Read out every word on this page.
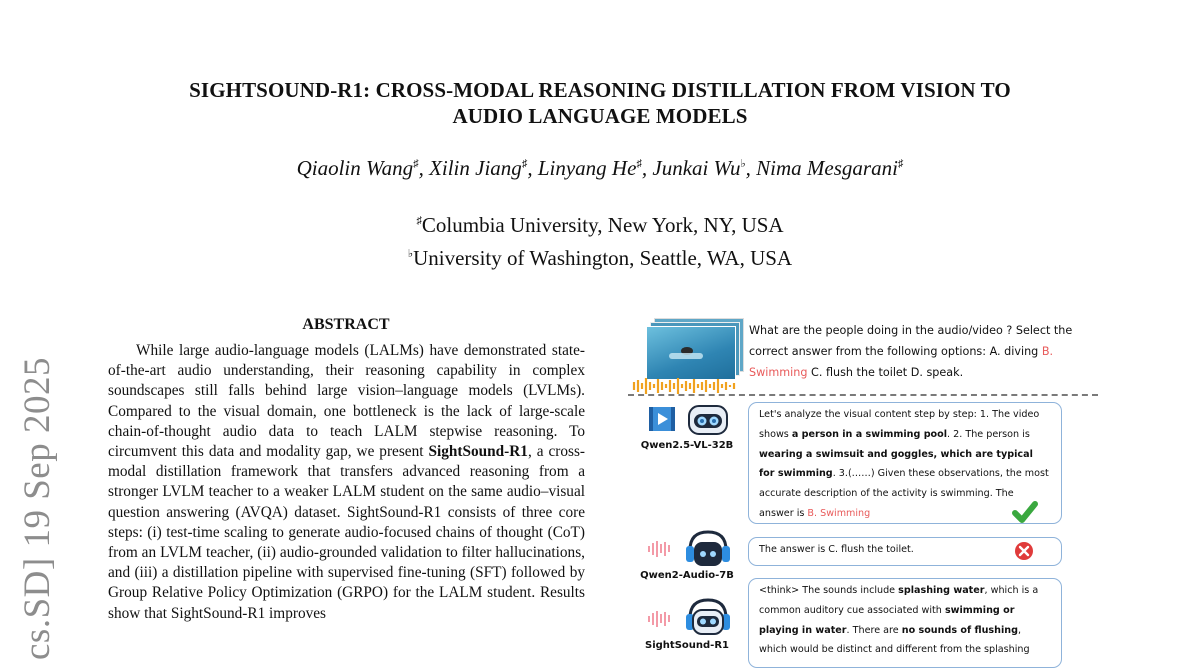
SIGHTSOUND-R1: CROSS-MODAL REASONING DISTILLATION FROM VISION TO
AUDIO LANGUAGE MODELS
Qiaolin Wang♯, Xilin Jiang♯, Linyang He♯, Junkai Wu♭, Nima Mesgarani♯
♯Columbia University, New York, NY, USA
♭University of Washington, Seattle, WA, USA
cs.SD] 19 Sep 2025
ABSTRACT

While large audio-language models (LALMs) have demonstrated state-of-the-art audio understanding, their reasoning capability in complex soundscapes still falls behind large vision–language models (LVLMs). Compared to the visual domain, one bottleneck is the lack of large-scale chain-of-thought audio data to teach LALM stepwise reasoning. To circumvent this data and modality gap, we present SightSound-R1, a cross-modal distillation framework that transfers advanced reasoning from a stronger LVLM teacher to a weaker LALM student on the same audio–visual question answering (AVQA) dataset. SightSound-R1 consists of three core steps: (i) test-time scaling to generate audio-focused chains of thought (CoT) from an LVLM teacher, (ii) audio-grounded validation to filter hallucinations, and (iii) a distillation pipeline with supervised fine-tuning (SFT) followed by Group Relative Policy Optimization (GRPO) for the LALM student. Results show that SightSound-R1 improves

What are the people doing in the audio/video ? Select the correct answer from the following options: A. diving B. Swimming C. flush the toilet D. speak.
Qwen2.5-VL-32B
Let's analyze the visual content step by step: 1. The video shows a person in a swimming pool. 2. The person is wearing a swimsuit and goggles, which are typical for swimming. 3.(……) Given these observations, the most accurate description of the activity is swimming. The answer is B. Swimming
Qwen2-Audio-7B
The answer is C. flush the toilet.
SightSound-R1
<think> The sounds include splashing water, which is a common auditory cue associated with swimming or playing in water. There are no sounds of flushing, which would be distinct and different from the splashing
